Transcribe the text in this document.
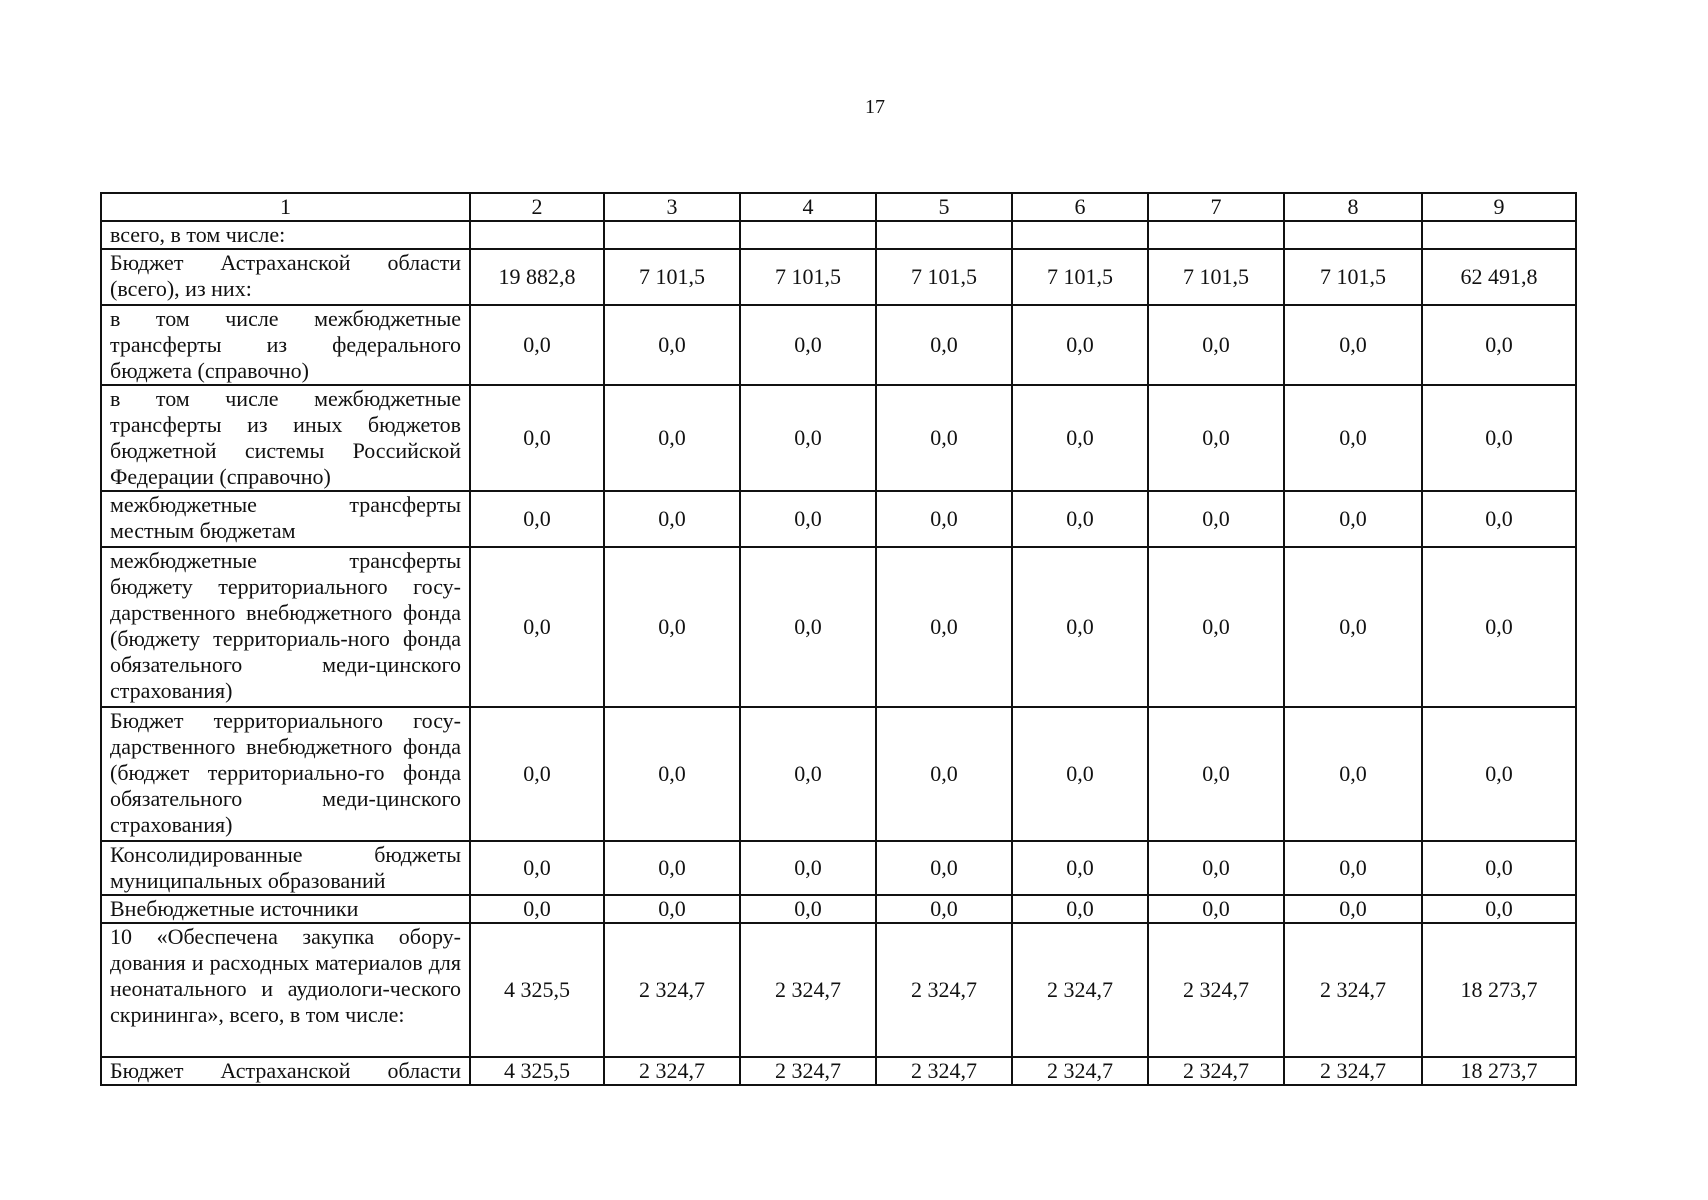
17
1	2	3	4	5	6	7	8	9
всего, в том числе:								
Бюджет Астраханской области (всего), из них:	19 882,8	7 101,5	7 101,5	7 101,5	7 101,5	7 101,5	7 101,5	62 491,8
в том числе межбюджетные трансферты из федерального бюджета (справочно)	0,0	0,0	0,0	0,0	0,0	0,0	0,0	0,0
в том числе межбюджетные трансферты из иных бюджетов бюджетной системы Российской Федерации (справочно)	0,0	0,0	0,0	0,0	0,0	0,0	0,0	0,0
межбюджетные трансферты местным бюджетам	0,0	0,0	0,0	0,0	0,0	0,0	0,0	0,0
межбюджетные трансферты бюджету территориального госу-дарственного внебюджетного фонда (бюджету территориаль-ного фонда обязательного меди-цинского страхования)	0,0	0,0	0,0	0,0	0,0	0,0	0,0	0,0
Бюджет территориального госу-дарственного внебюджетного фонда (бюджет территориально-го фонда обязательного меди-цинского страхования)	0,0	0,0	0,0	0,0	0,0	0,0	0,0	0,0
Консолидированные бюджеты муниципальных образований	0,0	0,0	0,0	0,0	0,0	0,0	0,0	0,0
Внебюджетные источники	0,0	0,0	0,0	0,0	0,0	0,0	0,0	0,0
10 «Обеспечена закупка обору-дования и расходных материалов для неонатального и аудиологи-ческого скрининга», всего, в том числе:	4 325,5	2 324,7	2 324,7	2 324,7	2 324,7	2 324,7	2 324,7	18 273,7
Бюджет Астраханской области	4 325,5	2 324,7	2 324,7	2 324,7	2 324,7	2 324,7	2 324,7	18 273,7
